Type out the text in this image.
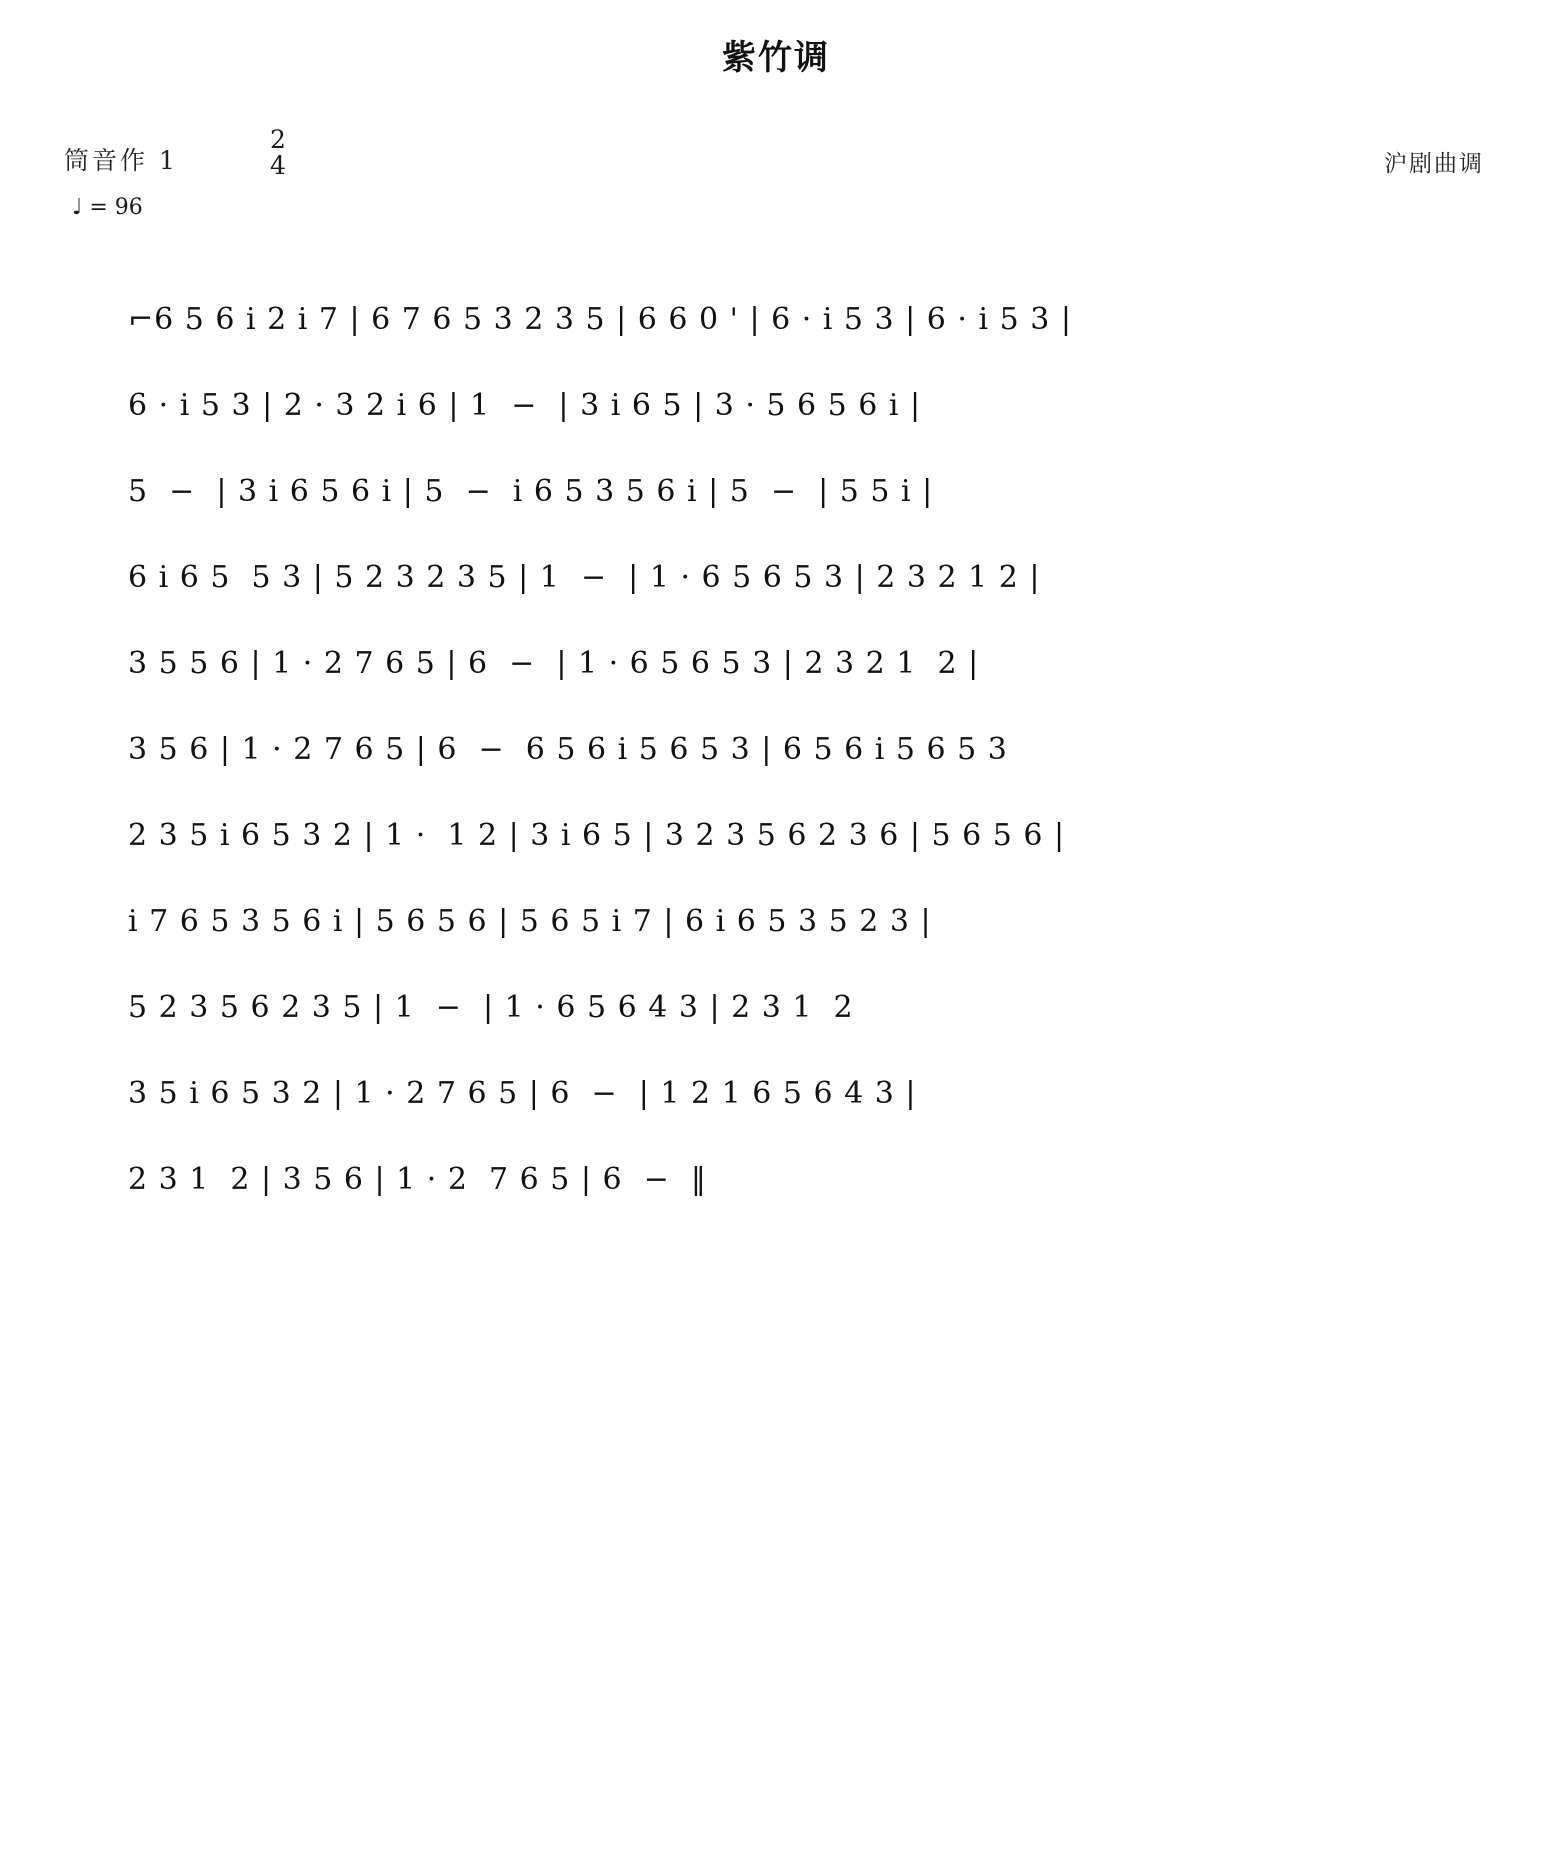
紫竹调
筒音作 1
2
4	沪剧曲调
♩ = 96
⌐6 5 6 i 2 i 7 | 6 7 6 5 3 2 3 5 | 6 6 0 ' | 6 · i 5 3 | 6 · i 5 3 |
6 · i 5 3 | 2 · 3 2 i 6 | 1  −  | 3 i 6 5 | 3 · 5 6 5 6 i |
5  −  | 3 i 6 5 6 i | 5  −  i 6 5 3 5 6 i | 5  −  | 5 5 i |
6 i 6 5  5 3 | 5 2 3 2 3 5 | 1  −  | 1 · 6 5 6 5 3 | 2 3 2 1 2 |
3 5 5 6 | 1 · 2 7 6 5 | 6  −  | 1 · 6 5 6 5 3 | 2 3 2 1  2 |
3 5 6 | 1 · 2 7 6 5 | 6  −  6 5 6 i 5 6 5 3 | 6 5 6 i 5 6 5 3
2 3 5 i 6 5 3 2 | 1 ·  1 2 | 3 i 6 5 | 3 2 3 5 6 2 3 6 | 5 6 5 6 |
i 7 6 5 3 5 6 i | 5 6 5 6 | 5 6 5 i 7 | 6 i 6 5 3 5 2 3 |
5 2 3 5 6 2 3 5 | 1  −  | 1 · 6 5 6 4 3 | 2 3 1  2
3 5 i 6 5 3 2 | 1 · 2 7 6 5 | 6  −  | 1 2 1 6 5 6 4 3 |
2 3 1  2 | 3 5 6 | 1 · 2  7 6 5 | 6  −  ‖
